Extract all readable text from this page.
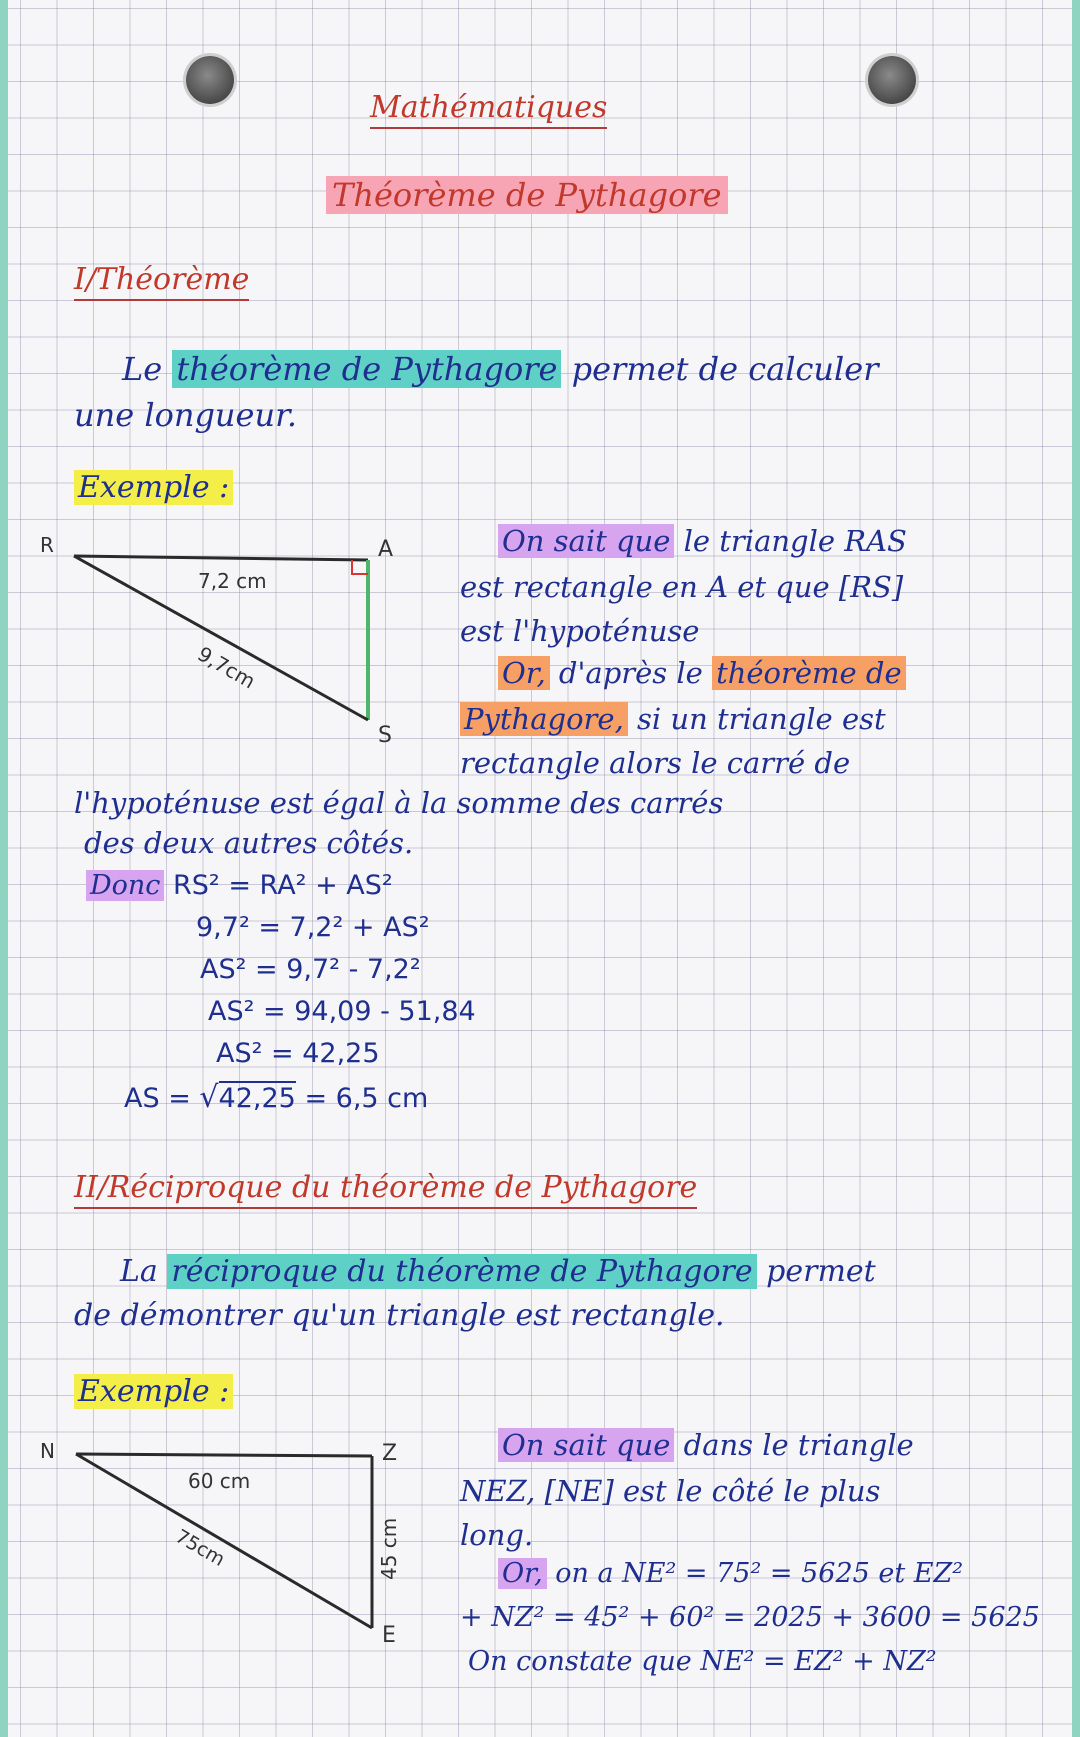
Mathématiques
Théorème de Pythagore
I/Théorème
Le théorème de Pythagore permet de calculer
une longueur.
Exemple :
R	A
S
7,2 cm
9,7cm
On sait que le triangle RAS
est rectangle en A et que [RS]
est l'hypoténuse
Or, d'après le théorème de
Pythagore, si un triangle est
rectangle alors le carré de
l'hypoténuse est égal à la somme des carrés
des deux autres côtés.
Donc RS² = RA² + AS²
9,7² = 7,2² + AS²
AS² = 9,7² - 7,2²
AS² = 94,09 - 51,84
AS² = 42,25
AS = √42,25 = 6,5 cm
II/Réciproque du théorème de Pythagore
La réciproque du théorème de Pythagore permet
de démontrer qu'un triangle est rectangle.
Exemple :
N	Z
E
60 cm
75cm	45 cm
On sait que dans le triangle
NEZ, [NE] est le côté le plus
long.
Or, on a NE² = 75² = 5625 et EZ²
+ NZ² = 45² + 60² = 2025 + 3600 = 5625
On constate que NE² = EZ² + NZ²
